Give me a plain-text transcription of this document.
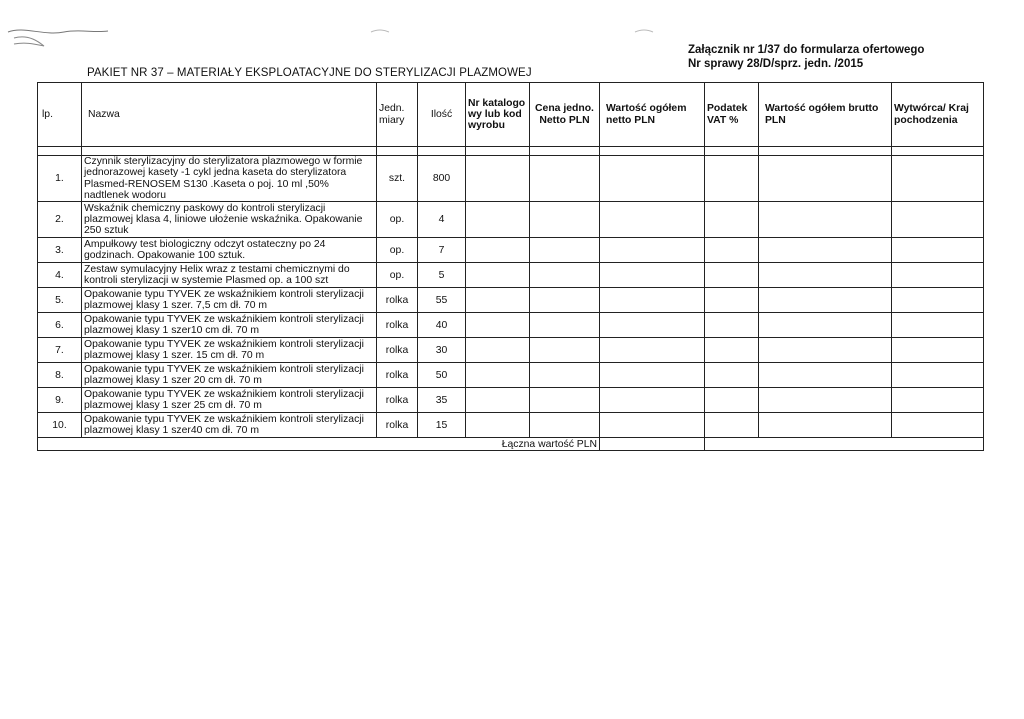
Załącznik nr 1/37 do formularza ofertowego
Nr sprawy 28/D/sprz. jedn. /2015
PAKIET NR 37 – MATERIAŁY EKSPLOATACYJNE DO STERYLIZACJI PLAZMOWEJ
lp.	Nazwa	Jedn. miary	Ilość	Nr katalogo wy lub kod wyrobu	Cena jedno. Netto PLN	Wartość ogółem netto PLN	Podatek VAT %	Wartość ogółem brutto PLN	Wytwórca/ Kraj pochodzenia

1.	Czynnik sterylizacyjny do sterylizatora plazmowego w formie jednorazowej kasety -1 cykl jedna kaseta do sterylizatora Plasmed-RENOSEM S130 .Kaseta o poj. 10 ml ,50% nadtlenek wodoru	szt.	800						
2.	Wskaźnik chemiczny paskowy do kontroli sterylizacji plazmowej klasa 4, liniowe ułożenie wskaźnika. Opakowanie 250 sztuk	op.	4						
3.	Ampułkowy test biologiczny odczyt ostateczny po 24 godzinach. Opakowanie 100 sztuk.	op.	7						
4.	Zestaw symulacyjny Helix wraz z testami chemicznymi do kontroli sterylizacji w systemie Plasmed op. a 100 szt	op.	5						
5.	Opakowanie typu TYVEK ze wskaźnikiem kontroli sterylizacji plazmowej klasy 1 szer. 7,5 cm dł. 70 m	rolka	55						
6.	Opakowanie typu TYVEK ze wskaźnikiem kontroli sterylizacji plazmowej klasy 1 szer10 cm dł. 70 m	rolka	40						
7.	Opakowanie typu TYVEK ze wskaźnikiem kontroli sterylizacji plazmowej klasy 1 szer. 15 cm dł. 70 m	rolka	30						
8.	Opakowanie typu TYVEK ze wskaźnikiem kontroli sterylizacji plazmowej klasy 1 szer 20 cm dł. 70 m	rolka	50						
9.	Opakowanie typu TYVEK ze wskaźnikiem kontroli sterylizacji plazmowej klasy 1 szer 25 cm dł. 70 m	rolka	35						
10.	Opakowanie typu TYVEK ze wskaźnikiem kontroli sterylizacji plazmowej klasy 1 szer40 cm dł. 70 m	rolka	15						
				Łączna wartość PLN					
